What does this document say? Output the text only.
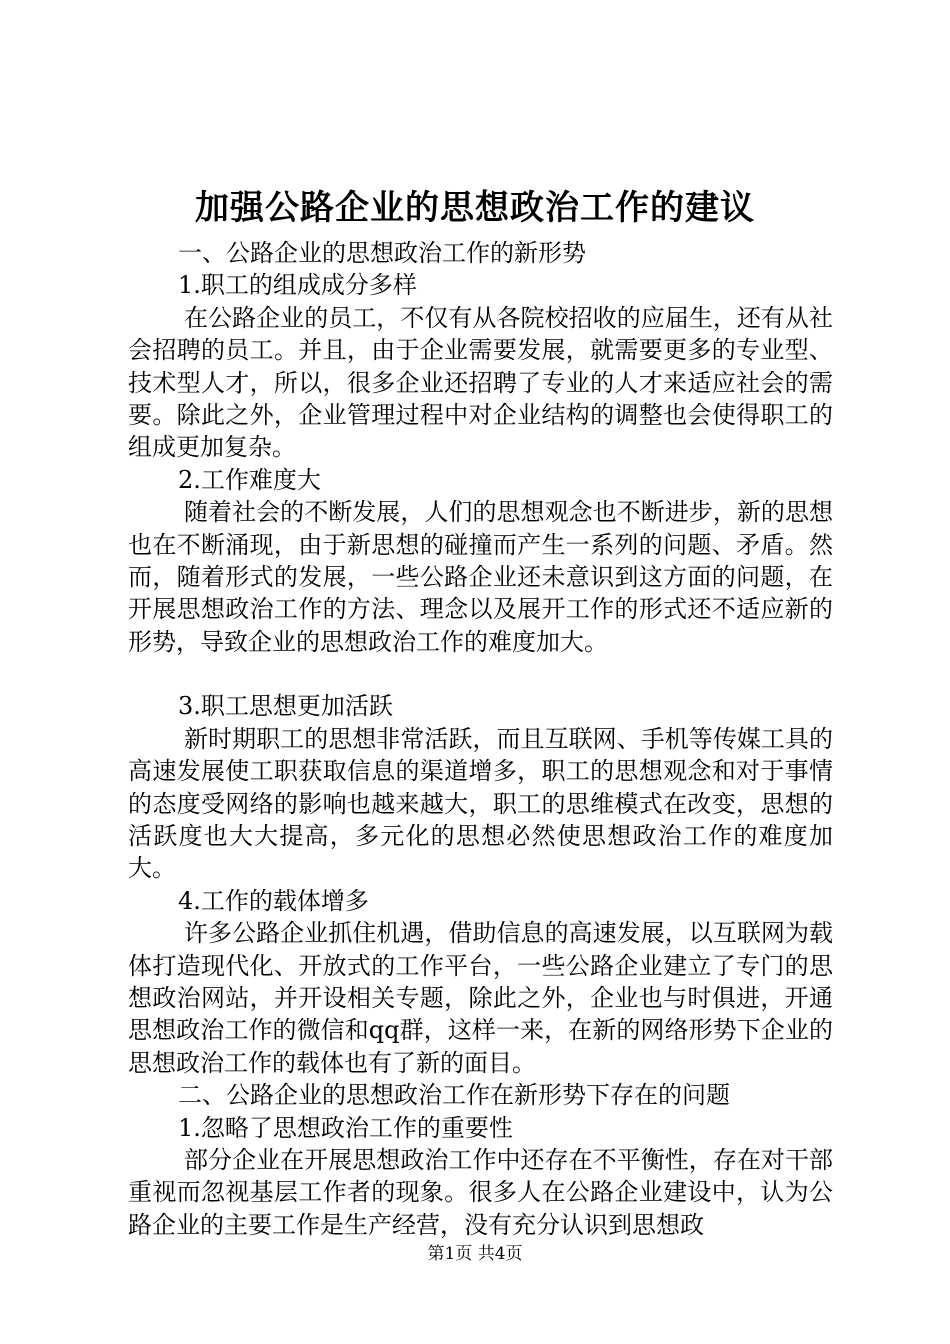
加强公路企业的思想政治工作的建议

一、公路企业的思想政治工作的新形势

1.职工的组成成分多样

在公路企业的员工，不仅有从各院校招收的应届生，还有从社会招聘的员工。并且，由于企业需要发展，就需要更多的专业型、技术型人才，所以，很多企业还招聘了专业的人才来适应社会的需要。除此之外，企业管理过程中对企业结构的调整也会使得职工的组成更加复杂。

2.工作难度大

随着社会的不断发展，人们的思想观念也不断进步，新的思想也在不断涌现，由于新思想的碰撞而产生一系列的问题、矛盾。然而，随着形式的发展，一些公路企业还未意识到这方面的问题，在开展思想政治工作的方法、理念以及展开工作的形式还不适应新的形势，导致企业的思想政治工作的难度加大。

3.职工思想更加活跃

新时期职工的思想非常活跃，而且互联网、手机等传媒工具的高速发展使工职获取信息的渠道增多，职工的思想观念和对于事情的态度受网络的影响也越来越大，职工的思维模式在改变，思想的活跃度也大大提高，多元化的思想必然使思想政治工作的难度加大。

4.工作的载体增多

许多公路企业抓住机遇，借助信息的高速发展，以互联网为载体打造现代化、开放式的工作平台，一些公路企业建立了专门的思想政治网站，并开设相关专题，除此之外，企业也与时俱进，开通思想政治工作的微信和qq群，这样一来，在新的网络形势下企业的思想政治工作的载体也有了新的面目。

二、公路企业的思想政治工作在新形势下存在的问题

1.忽略了思想政治工作的重要性

部分企业在开展思想政治工作中还存在不平衡性，存在对干部重视而忽视基层工作者的现象。很多人在公路企业建设中，认为公路企业的主要工作是生产经营，没有充分认识到思想政

第1页 共4页
